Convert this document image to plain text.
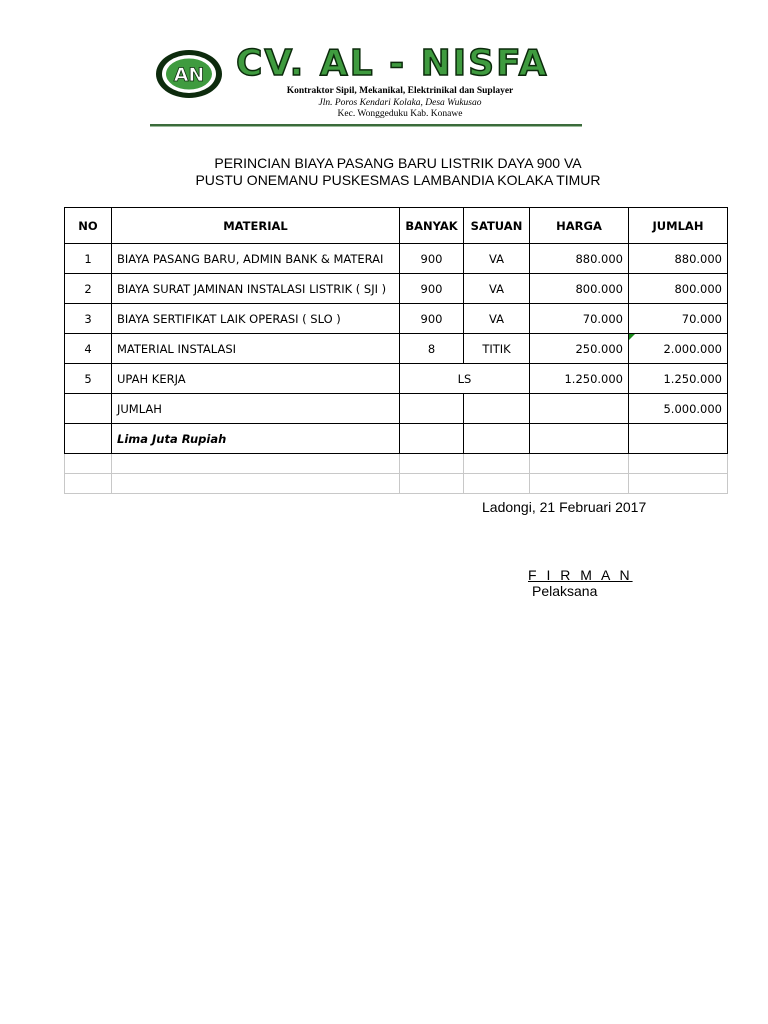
AN CV. AL - NISFA
Kontraktor Sipil, Mekanikal, Elektrinikal dan Suplayer
Jln. Poros Kendari Kolaka, Desa Wukusao
Kec. Wonggeduku Kab. Konawe
PERINCIAN BIAYA PASANG BARU LISTRIK DAYA 900 VA
PUSTU ONEMANU PUSKESMAS LAMBANDIA KOLAKA TIMUR
NO	MATERIAL	BANYAK	SATUAN	HARGA	JUMLAH
1	BIAYA PASANG BARU, ADMIN BANK & MATERAI	900	VA	880.000	880.000
2	BIAYA SURAT JAMINAN INSTALASI LISTRIK ( SJI )	900	VA	800.000	800.000
3	BIAYA SERTIFIKAT LAIK OPERASI ( SLO )	900	VA	70.000	70.000
4	MATERIAL INSTALASI	8	TITIK	250.000	2.000.000
5	UPAH KERJA	LS		1.250.000	1.250.000
	JUMLAH				5.000.000
	Lima Juta Rupiah				

Ladongi, 21 Februari 2017
F I R M A N
Pelaksana
